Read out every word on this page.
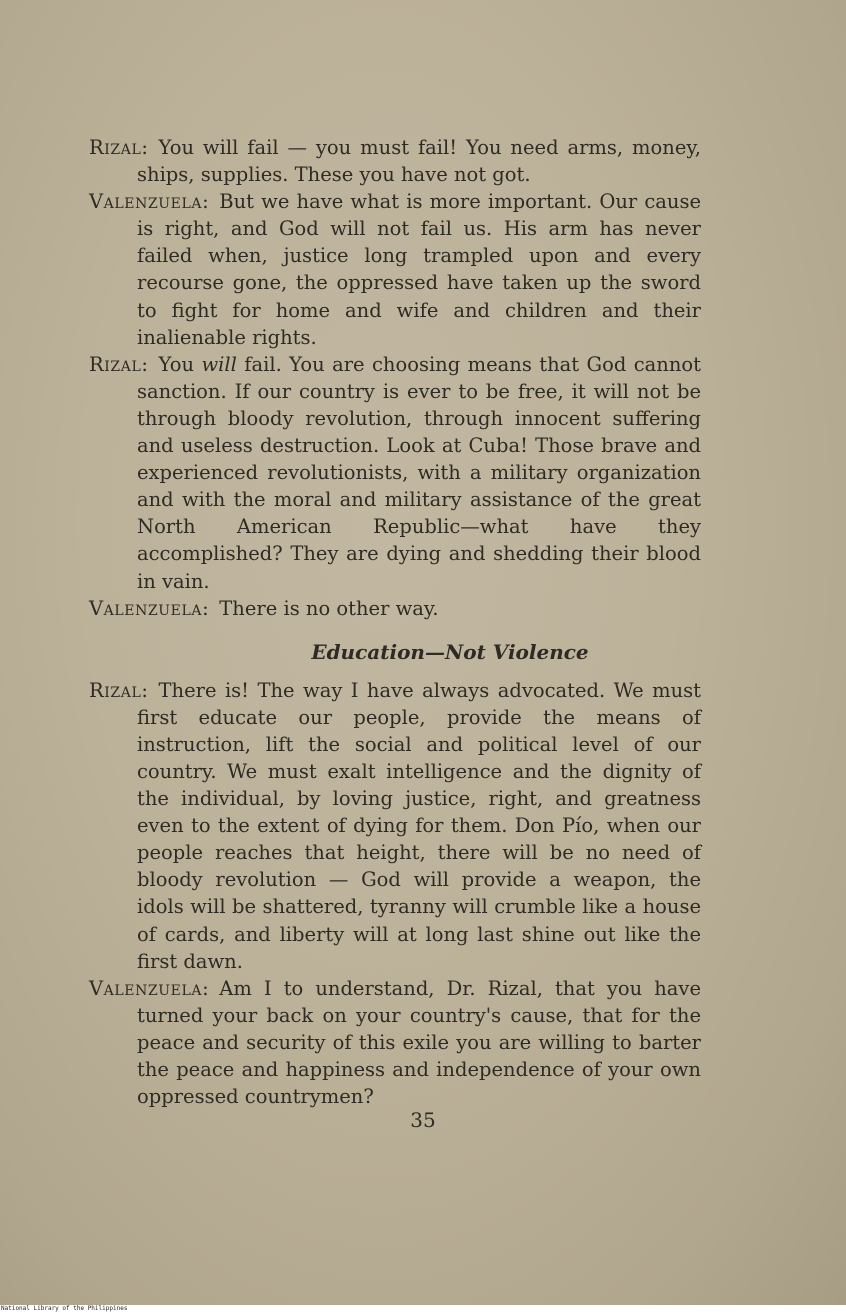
Rizal: You will fail — you must fail! You need arms, money, ships, supplies. These you have not got.

Valenzuela: But we have what is more important. Our cause is right, and God will not fail us. His arm has never failed when, justice long trampled upon and every recourse gone, the oppressed have taken up the sword to fight for home and wife and children and their inalienable rights.

Rizal: You will fail. You are choosing means that God cannot sanction. If our country is ever to be free, it will not be through bloody revolution, through innocent suffering and useless destruction. Look at Cuba! Those brave and experienced revolutionists, with a military organization and with the moral and military assistance of the great North American Republic—what have they accomplished? They are dying and shedding their blood in vain.

Valenzuela: There is no other way.

Education—Not Violence

Rizal: There is! The way I have always advocated. We must first educate our people, provide the means of instruction, lift the social and political level of our country. We must exalt intelligence and the dignity of the individual, by loving justice, right, and greatness even to the extent of dying for them. Don Pío, when our people reaches that height, there will be no need of bloody revolution — God will provide a weapon, the idols will be shattered, tyranny will crumble like a house of cards, and liberty will at long last shine out like the first dawn.

Valenzuela: Am I to understand, Dr. Rizal, that you have turned your back on your country's cause, that for the peace and security of this exile you are willing to barter the peace and happiness and independence of your own oppressed countrymen?

35
National Library of the Philippines
